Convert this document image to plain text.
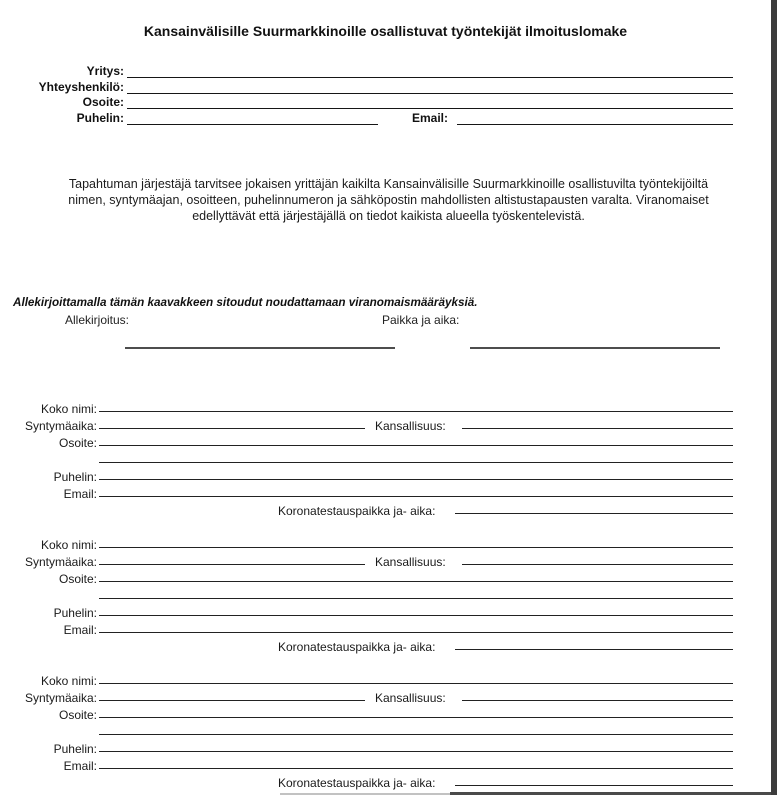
Kansainvälisille Suurmarkkinoille osallistuvat työntekijät ilmoituslomake
Yritys:
Yhteyshenkilö:
Osoite:
Puhelin:	Email:
Tapahtuman järjestäjä tarvitsee jokaisen yrittäjän kaikilta Kansainvälisille Suurmarkkinoille osallistuvilta työntekijöiltä
nimen, syntymäajan, osoitteen, puhelinnumeron ja sähköpostin mahdollisten altistustapausten varalta. Viranomaiset
edellyttävät että järjestäjällä on tiedot kaikista alueella työskentelevistä.
Allekirjoittamalla tämän kaavakkeen sitoudut noudattamaan viranomaismääräyksiä.
Allekirjoitus:	Paikka ja aika:
Koko nimi:
Syntymäaika:	Kansallisuus:
Osoite:
Puhelin:
Email:
Koronatestauspaikka ja- aika:
Koko nimi:
Syntymäaika:	Kansallisuus:
Osoite:
Puhelin:
Email:
Koronatestauspaikka ja- aika:
Koko nimi:
Syntymäaika:	Kansallisuus:
Osoite:
Puhelin:
Email:
Koronatestauspaikka ja- aika:
